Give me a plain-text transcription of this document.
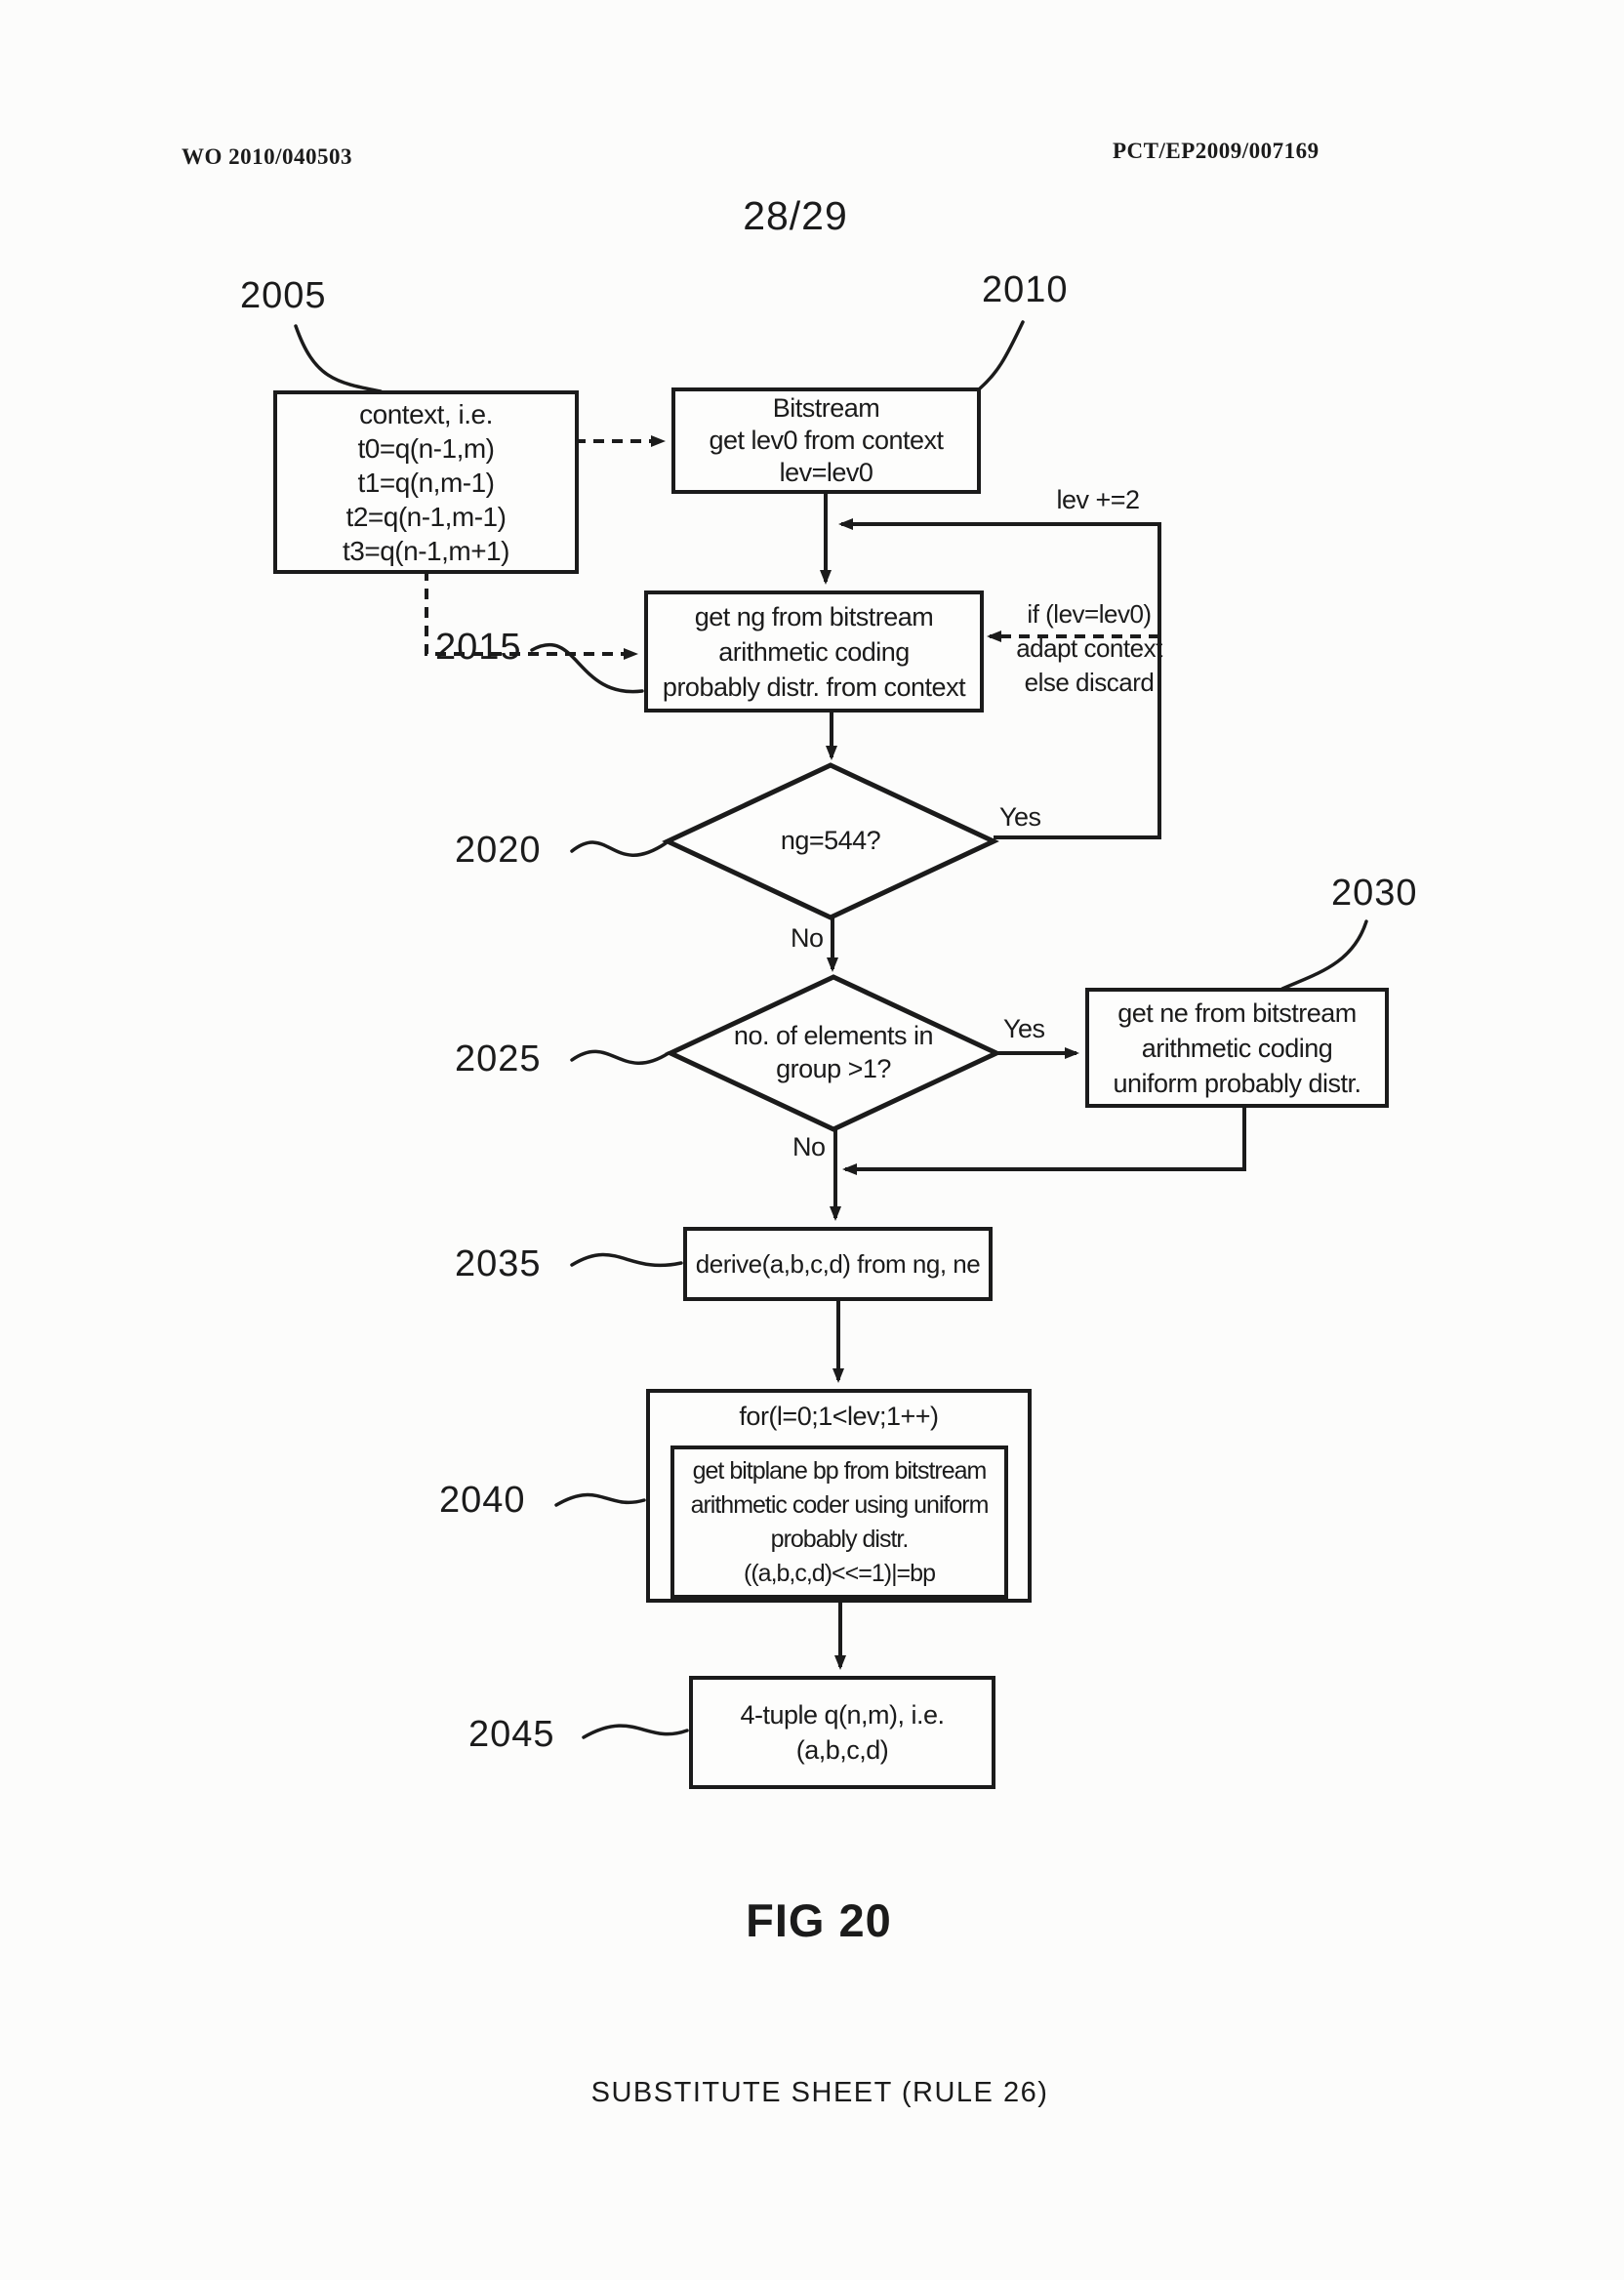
WO 2010/040503	PCT/EP2009/007169
28/29
context, i.e.
t0=q(n-1,m)
t1=q(n,m-1)
t2=q(n-1,m-1)
t3=q(n-1,m+1)
Bitstream
get lev0 from context
lev=lev0
get ng from bitstream
arithmetic coding
probably distr. from context
get ne from bitstream
arithmetic coding
uniform probably distr.
derive(a,b,c,d) from ng, ne
for(l=0;1<lev;1++)
get bitplane bp from bitstream
arithmetic coder using uniform
probably distr.
((a,b,c,d)<<=1)|=bp
4-tuple q(n,m), i.e.
(a,b,c,d)
ng=544?
no. of elements in
group >1?
2005	2010
2015
2020
2025
2030
2035
2040
2045
lev +=2
if (lev=lev0)
adapt context
else discard
Yes
No
Yes
No
FIG 20
SUBSTITUTE SHEET (RULE 26)
